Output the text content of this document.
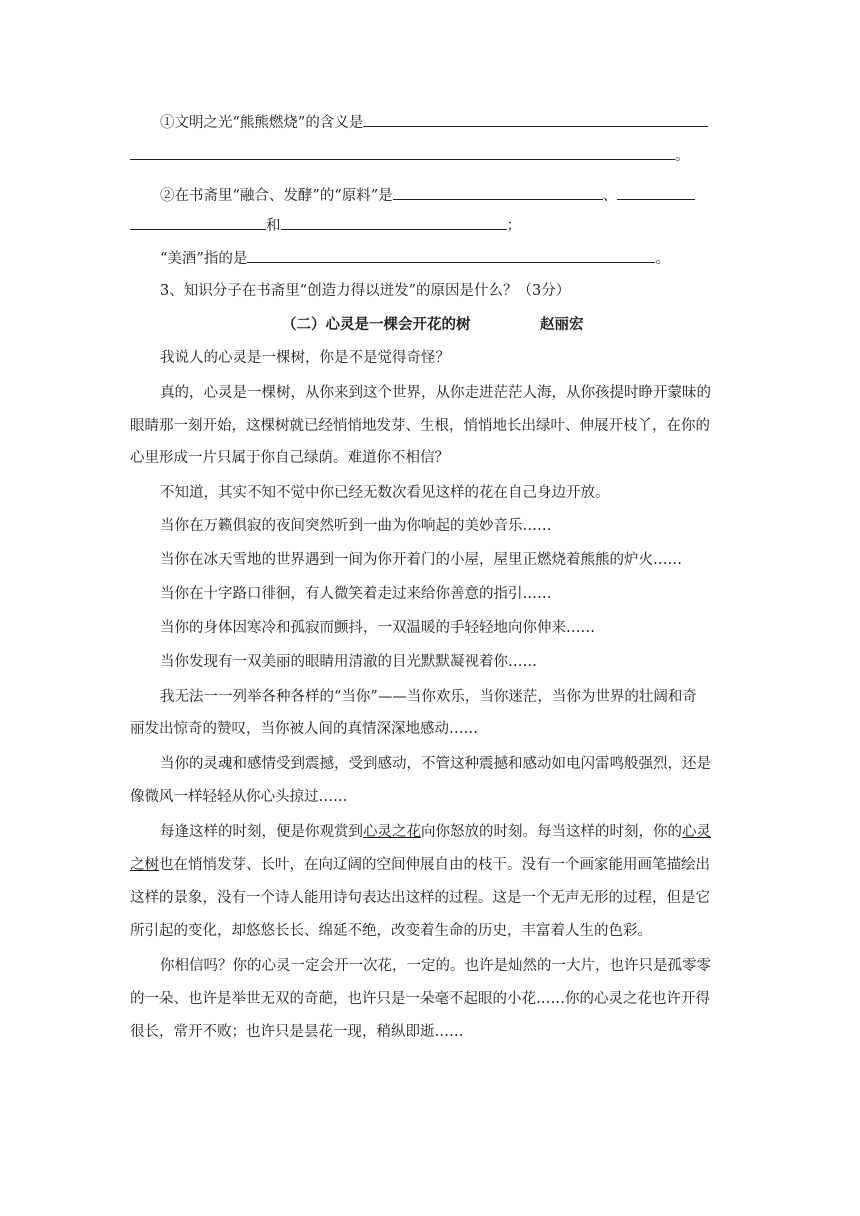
①文明之光“熊熊燃烧”的含义是
。
②在书斋里“融合、发酵”的“原料”是	、
和	；
“美酒”指的是	。
3、知识分子在书斋里“创造力得以迸发”的原因是什么？（3分）
（二）心灵是一棵会开花的树	赵丽宏
我说人的心灵是一棵树，你是不是觉得奇怪？
真的，心灵是一棵树，从你来到这个世界，从你走进茫茫人海，从你孩提时睁开蒙昧的
眼睛那一刻开始，这棵树就已经悄悄地发芽、生根，悄悄地长出绿叶、伸展开枝丫，在你的
心里形成一片只属于你自己绿荫。难道你不相信？
不知道，其实不知不觉中你已经无数次看见这样的花在自己身边开放。
当你在万籁俱寂的夜间突然听到一曲为你响起的美妙音乐……
当你在冰天雪地的世界遇到一间为你开着门的小屋，屋里正燃烧着熊熊的炉火……
当你在十字路口徘徊，有人微笑着走过来给你善意的指引……
当你的身体因寒冷和孤寂而颤抖，一双温暖的手轻轻地向你伸来……
当你发现有一双美丽的眼睛用清澈的目光默默凝视着你……
我无法一一列举各种各样的“当你”——当你欢乐，当你迷茫，当你为世界的壮阔和奇
丽发出惊奇的赞叹，当你被人间的真情深深地感动……
当你的灵魂和感情受到震撼，受到感动，不管这种震撼和感动如电闪雷鸣般强烈，还是
像微风一样轻轻从你心头掠过……
每逢这样的时刻，便是你观赏到心灵之花向你怒放的时刻。每当这样的时刻，你的心灵
之树也在悄悄发芽、长叶，在向辽阔的空间伸展自由的枝干。没有一个画家能用画笔描绘出
这样的景象，没有一个诗人能用诗句表达出这样的过程。这是一个无声无形的过程，但是它
所引起的变化，却悠悠长长、绵延不绝，改变着生命的历史，丰富着人生的色彩。
你相信吗？你的心灵一定会开一次花，一定的。也许是灿然的一大片，也许只是孤零零
的一朵、也许是举世无双的奇葩，也许只是一朵毫不起眼的小花……你的心灵之花也许开得
很长，常开不败；也许只是昙花一现，稍纵即逝……
